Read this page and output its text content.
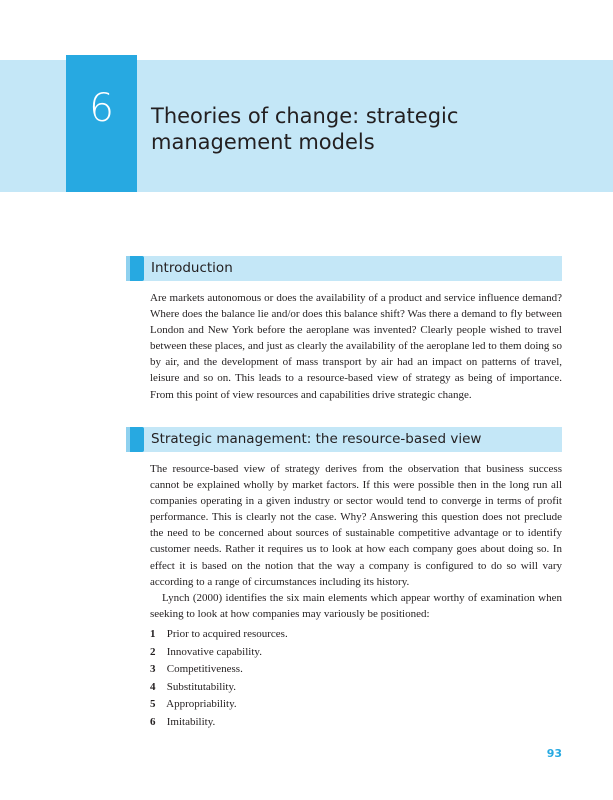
6	Theories of change: strategic management models
Introduction

Are markets autonomous or does the availability of a product and service influence demand? Where does the balance lie and/or does this balance shift? Was there a demand to fly between London and New York before the aeroplane was invented? Clearly people wished to travel between these places, and just as clearly the availability of the aeroplane led to them doing so by air, and the development of mass transport by air had an impact on patterns of travel, leisure and so on. This leads to a resource-based view of strategy as being of importance. From this point of view resources and capabilities drive strategic change.

Strategic management: the resource-based view

The resource-based view of strategy derives from the observation that business success cannot be explained wholly by market factors. If this were possible then in the long run all companies operating in a given industry or sector would tend to converge in terms of profit performance. This is clearly not the case. Why? Answering this question does not preclude the need to be concerned about sources of sustainable competitive advantage or to identify customer needs. Rather it requires us to look at how each company goes about doing so. In effect it is based on the notion that the way a company is configured to do so will vary according to a range of circumstances including its history.

Lynch (2000) identifies the six main elements which appear worthy of examination when seeking to look at how companies may variously be positioned:

1 Prior to acquired resources.
2 Innovative capability.
3 Competitiveness.
4 Substitutability.
5 Appropriability.
6 Imitability.
93
